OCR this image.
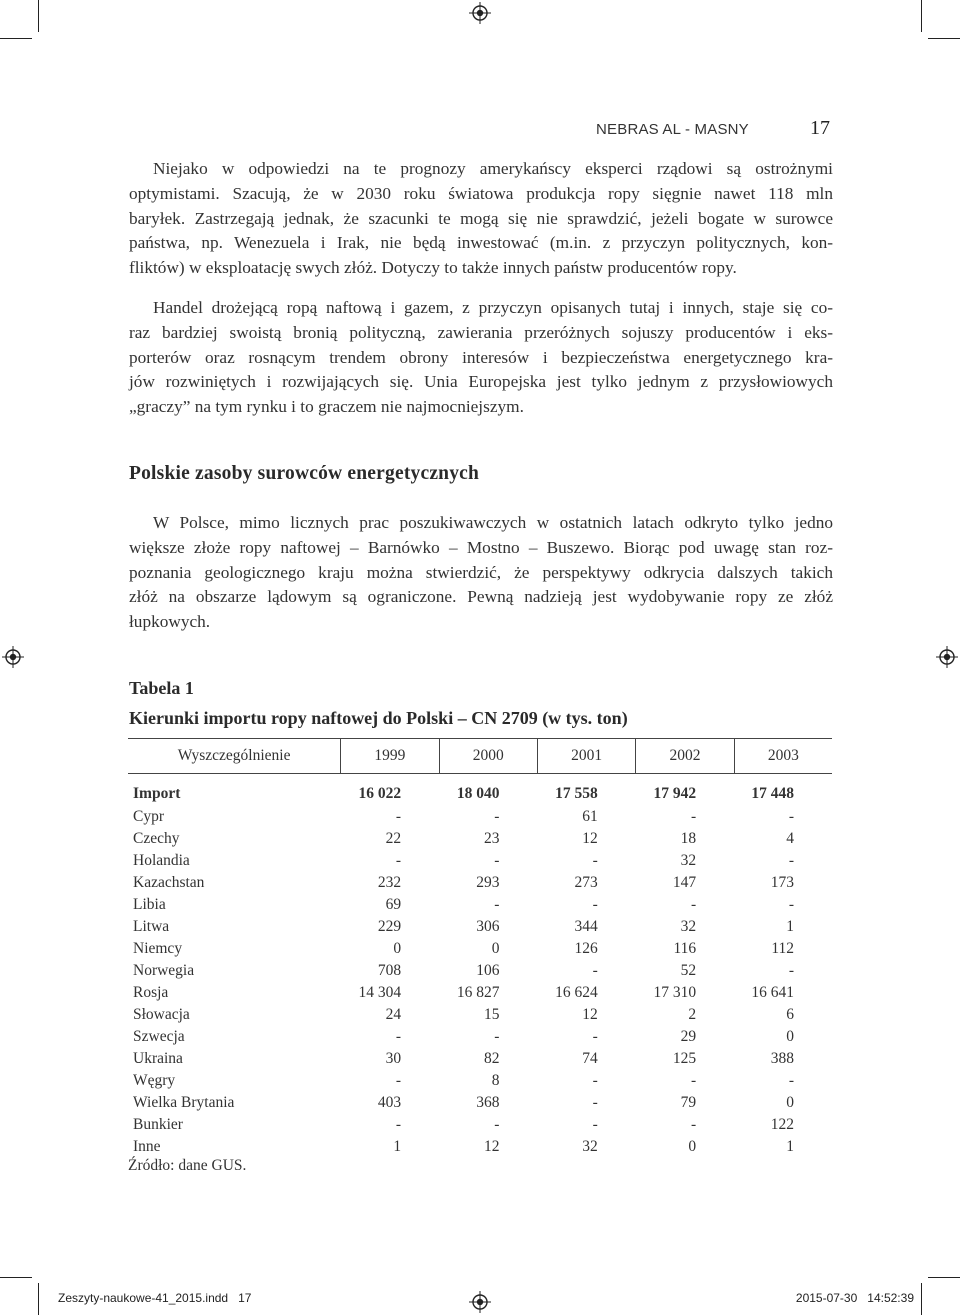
NEBRAS AL - MASNY	17
Niejako w odpowiedzi na te prognozy amerykańscy eksperci rządowi są ostrożnymi
optymistami. Szacują, że w 2030 roku światowa produkcja ropy sięgnie nawet 118 mln
baryłek. Zastrzegają jednak, że szacunki te mogą się nie sprawdzić, jeżeli bogate w surowce
państwa, np. Wenezuela i Irak, nie będą inwestować (m.in. z przyczyn politycznych, kon-
fliktów) w eksploatację swych złóż. Dotyczy to także innych państw producentów ropy.
Handel drożejącą ropą naftową i gazem, z przyczyn opisanych tutaj i innych, staje się co-
raz bardziej swoistą bronią polityczną, zawierania przeróżnych sojuszy producentów i eks-
porterów oraz rosnącym trendem obrony interesów i bezpieczeństwa energetycznego kra-
jów rozwiniętych i rozwijających się. Unia Europejska jest tylko jednym z przysłowiowych
„graczy” na tym rynku i to graczem nie najmocniejszym.
Polskie zasoby surowców energetycznych
W Polsce, mimo licznych prac poszukiwawczych w ostatnich latach odkryto tylko jedno
większe złoże ropy naftowej – Barnówko – Mostno – Buszewo. Biorąc pod uwagę stan roz-
poznania geologicznego kraju można stwierdzić, że perspektywy odkrycia dalszych takich
złóż na obszarze lądowym są ograniczone. Pewną nadzieją jest wydobywanie ropy ze złóż
łupkowych.

Tabela 1

Kierunki importu ropy naftowej do Polski – CN 2709 (w tys. ton)

Wyszczególnienie	1999	2000	2001	2002	2003
Import	16 022	18 040	17 558	17 942	17 448
Cypr	-	-	61	-	-
Czechy	22	23	12	18	4
Holandia	-	-	-	32	-
Kazachstan	232	293	273	147	173
Libia	69	-	-	-	-
Litwa	229	306	344	32	1
Niemcy	0	0	126	116	112
Norwegia	708	106	-	52	-
Rosja	14 304	16 827	16 624	17 310	16 641
Słowacja	24	15	12	2	6
Szwecja	-	-	-	29	0
Ukraina	30	82	74	125	388
Węgry	-	8	-	-	-
Wielka Brytania	403	368	-	79	0
Bunkier	-	-	-	-	122
Inne	1	12	32	0	1

Źródło: dane GUS.

Zeszyty-naukowe-41_2015.indd   17	2015-07-30   14:52:39
